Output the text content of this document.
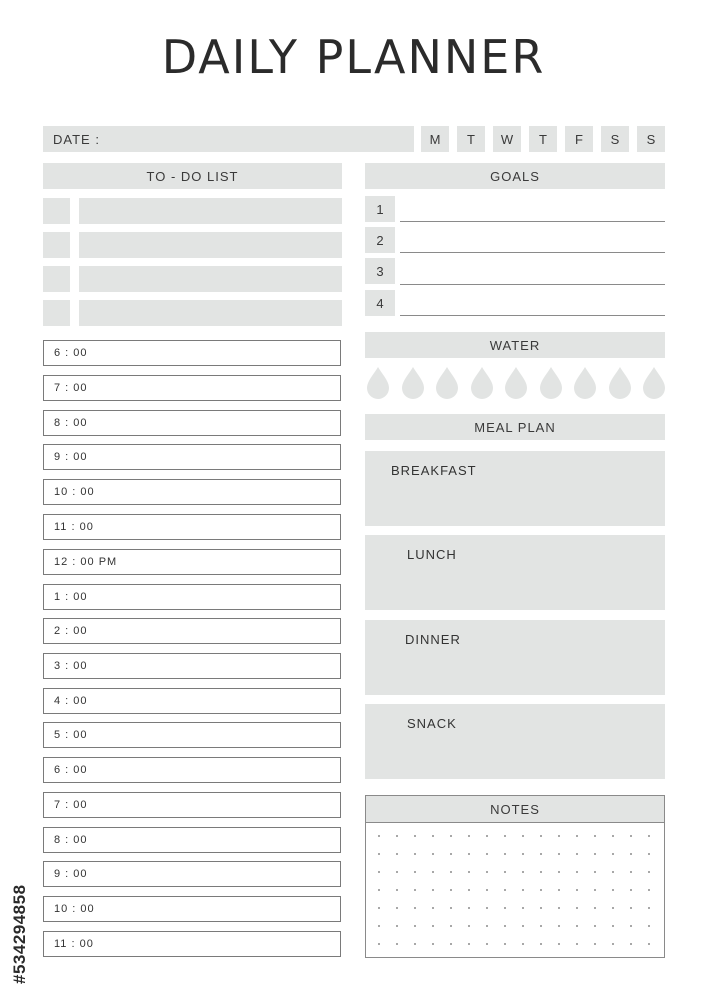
DAILY PLANNER
DATE :	M	T	W	T	F	S	S
TO - DO LIST
6 : 00
7 : 00
8 : 00
9 : 00
10 : 00
11 : 00
12 : 00 PM
1 : 00
2 : 00
3 : 00
4 : 00
5 : 00
6 : 00
7 : 00
8 : 00
9 : 00
10 : 00
11 : 00
GOALS
1
2
3
4
WATER
MEAL PLAN
BREAKFAST
LUNCH
DINNER
SNACK
NOTES
#534294858
